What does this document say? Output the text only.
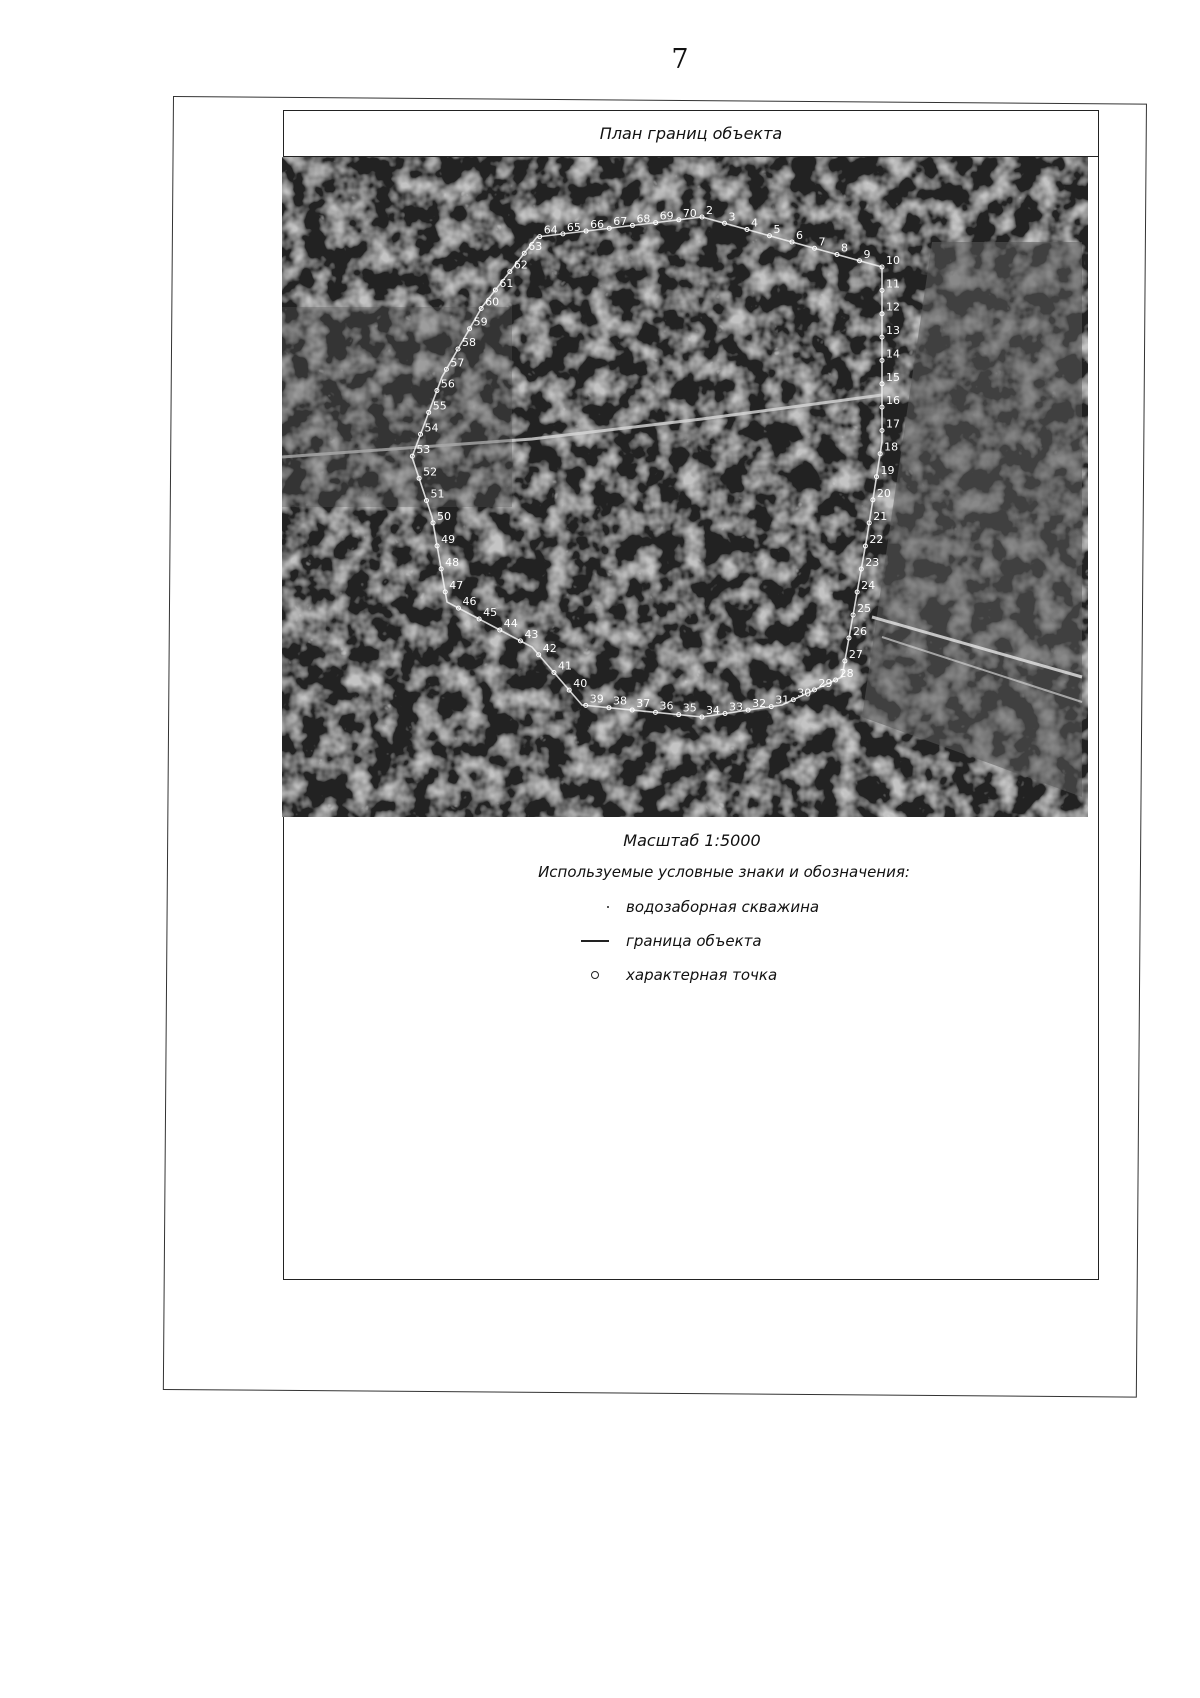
7
План границ объекта
2 3 4 5 6 7 8 9 10
11
12
13
14
15
16
17
18
19
20
21
22
23
24
25
26
27
28
29
30
31
32
33
34
35
36
37
38
39
40
41
42
43
44
45
46
47
48
49
50
51
52
53
54
55
56
57
58
59
60
61
62
63
64 65 66 67 68 69 70
Масштаб 1:5000
Используемые условные знаки и обозначения:
водозаборная скважина
граница объекта
характерная точка
